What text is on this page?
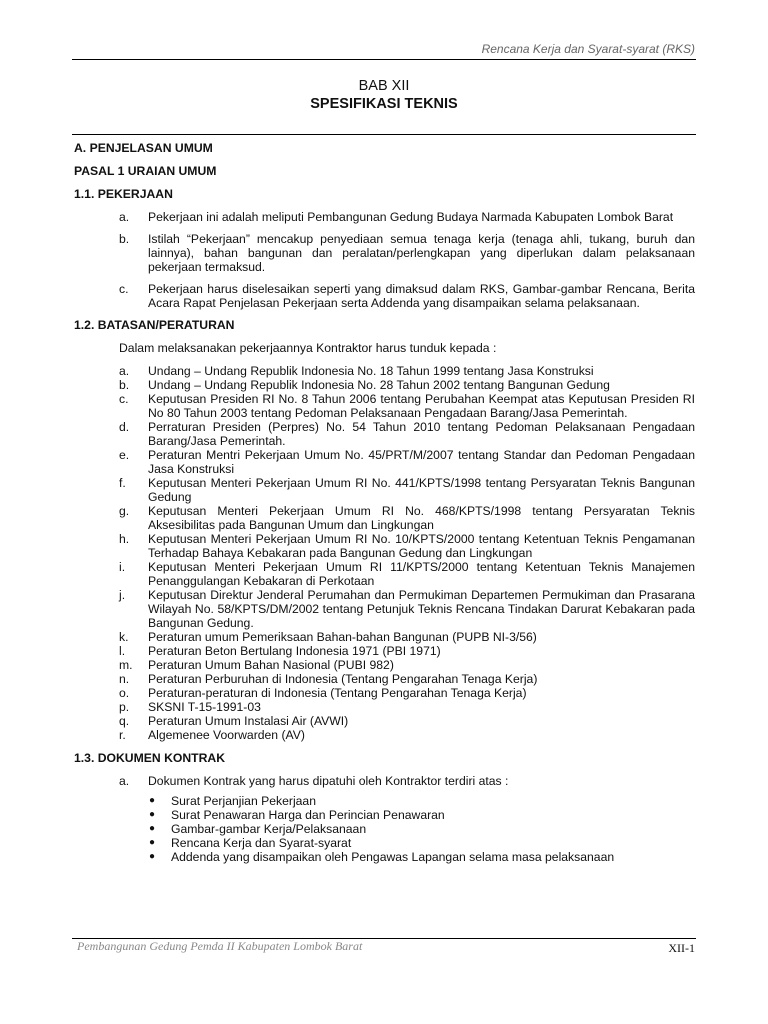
Rencana Kerja dan Syarat-syarat (RKS)
BAB XII
SPESIFIKASI TEKNIS

A. PENJELASAN UMUM

PASAL 1 URAIAN UMUM

1.1. PEKERJAAN

a.	Pekerjaan ini adalah meliputi Pembangunan Gedung Budaya Narmada Kabupaten Lombok Barat
b.	Istilah “Pekerjaan” mencakup penyediaan semua tenaga kerja (tenaga ahli, tukang, buruh dan lainnya), bahan bangunan dan peralatan/perlengkapan yang diperlukan dalam pelaksanaan pekerjaan termaksud.
c.	Pekerjaan harus diselesaikan seperti yang dimaksud dalam RKS, Gambar-gambar Rencana, Berita Acara Rapat Penjelasan Pekerjaan serta Addenda yang disampaikan selama pelaksanaan.

1.2. BATASAN/PERATURAN

Dalam melaksanakan pekerjaannya Kontraktor harus tunduk kepada :

a.	Undang – Undang Republik Indonesia No. 18 Tahun 1999 tentang Jasa Konstruksi
b.	Undang – Undang Republik Indonesia No. 28 Tahun 2002 tentang Bangunan Gedung
c.	Keputusan Presiden RI No. 8 Tahun 2006 tentang Perubahan Keempat atas Keputusan Presiden RI No 80 Tahun 2003 tentang Pedoman Pelaksanaan Pengadaan Barang/Jasa Pemerintah.
d.	Perraturan Presiden (Perpres) No. 54 Tahun 2010 tentang Pedoman Pelaksanaan Pengadaan Barang/Jasa Pemerintah.
e.	Peraturan Mentri Pekerjaan Umum No. 45/PRT/M/2007 tentang Standar dan Pedoman Pengadaan Jasa Konstruksi
f.	Keputusan Menteri Pekerjaan Umum RI No. 441/KPTS/1998 tentang Persyaratan Teknis Bangunan Gedung
g.	Keputusan Menteri Pekerjaan Umum RI No. 468/KPTS/1998 tentang Persyaratan Teknis Aksesibilitas pada Bangunan Umum dan Lingkungan
h.	Keputusan Menteri Pekerjaan Umum RI No. 10/KPTS/2000 tentang Ketentuan Teknis Pengamanan Terhadap Bahaya Kebakaran pada Bangunan Gedung dan Lingkungan
i.	Keputusan Menteri Pekerjaan Umum RI 11/KPTS/2000 tentang Ketentuan Teknis Manajemen Penanggulangan Kebakaran di Perkotaan
j.	Keputusan Direktur Jenderal Perumahan dan Permukiman Departemen Permukiman dan Prasarana Wilayah No. 58/KPTS/DM/2002 tentang Petunjuk Teknis Rencana Tindakan Darurat Kebakaran pada Bangunan Gedung.
k.	Peraturan umum Pemeriksaan Bahan-bahan Bangunan (PUPB NI-3/56)
l.	Peraturan Beton Bertulang Indonesia 1971 (PBI 1971)
m.	Peraturan Umum Bahan Nasional (PUBI 982)
n.	Peraturan Perburuhan di Indonesia (Tentang Pengarahan Tenaga Kerja)
o.	Peraturan-peraturan di Indonesia (Tentang Pengarahan Tenaga Kerja)
p.	SKSNI T-15-1991-03
q.	Peraturan Umum Instalasi Air (AVWI)
r.	Algemenee Voorwarden (AV)

1.3. DOKUMEN KONTRAK

a.	Dokumen Kontrak yang harus dipatuhi oleh Kontraktor terdiri atas :
●	Surat Perjanjian Pekerjaan
●	Surat Penawaran Harga dan Perincian Penawaran
●	Gambar-gambar Kerja/Pelaksanaan
●	Rencana Kerja dan Syarat-syarat
●	Addenda yang disampaikan oleh Pengawas Lapangan selama masa pelaksanaan
Pembangunan Gedung Pemda II Kabupaten Lombok Barat	XII-1
